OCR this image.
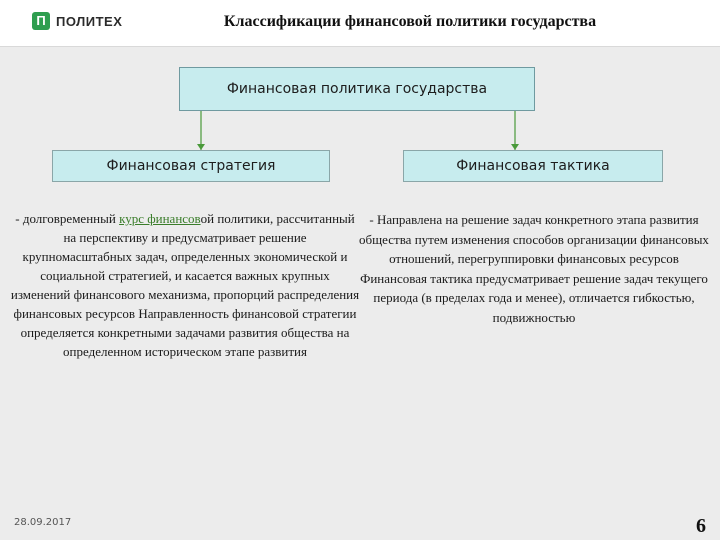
П ПОЛИТЕХ	Классификации финансовой политики государства
Финансовая политика государства
Финансовая стратегия	Финансовая тактика
- долговременный курс финансовой политики, рассчитанный на перспективу и предусматривает решение крупномасштабных задач, определенных экономической и социальной стратегией, и касается важных крупных изменений финансового механизма, пропорций распределения финансовых ресурсов Направленность финансовой стратегии определяется конкретными задачами развития общества на определенном историческом этапе развития
- Направлена на решение задач конкретного этапа развития общества путем изменения способов организации финансовых отношений, перегруппировки финансовых ресурсов Финансовая тактика предусматривает решение задач текущего периода (в пределах года и менее), отличается гибкостью, подвижностью
28.09.2017	6
